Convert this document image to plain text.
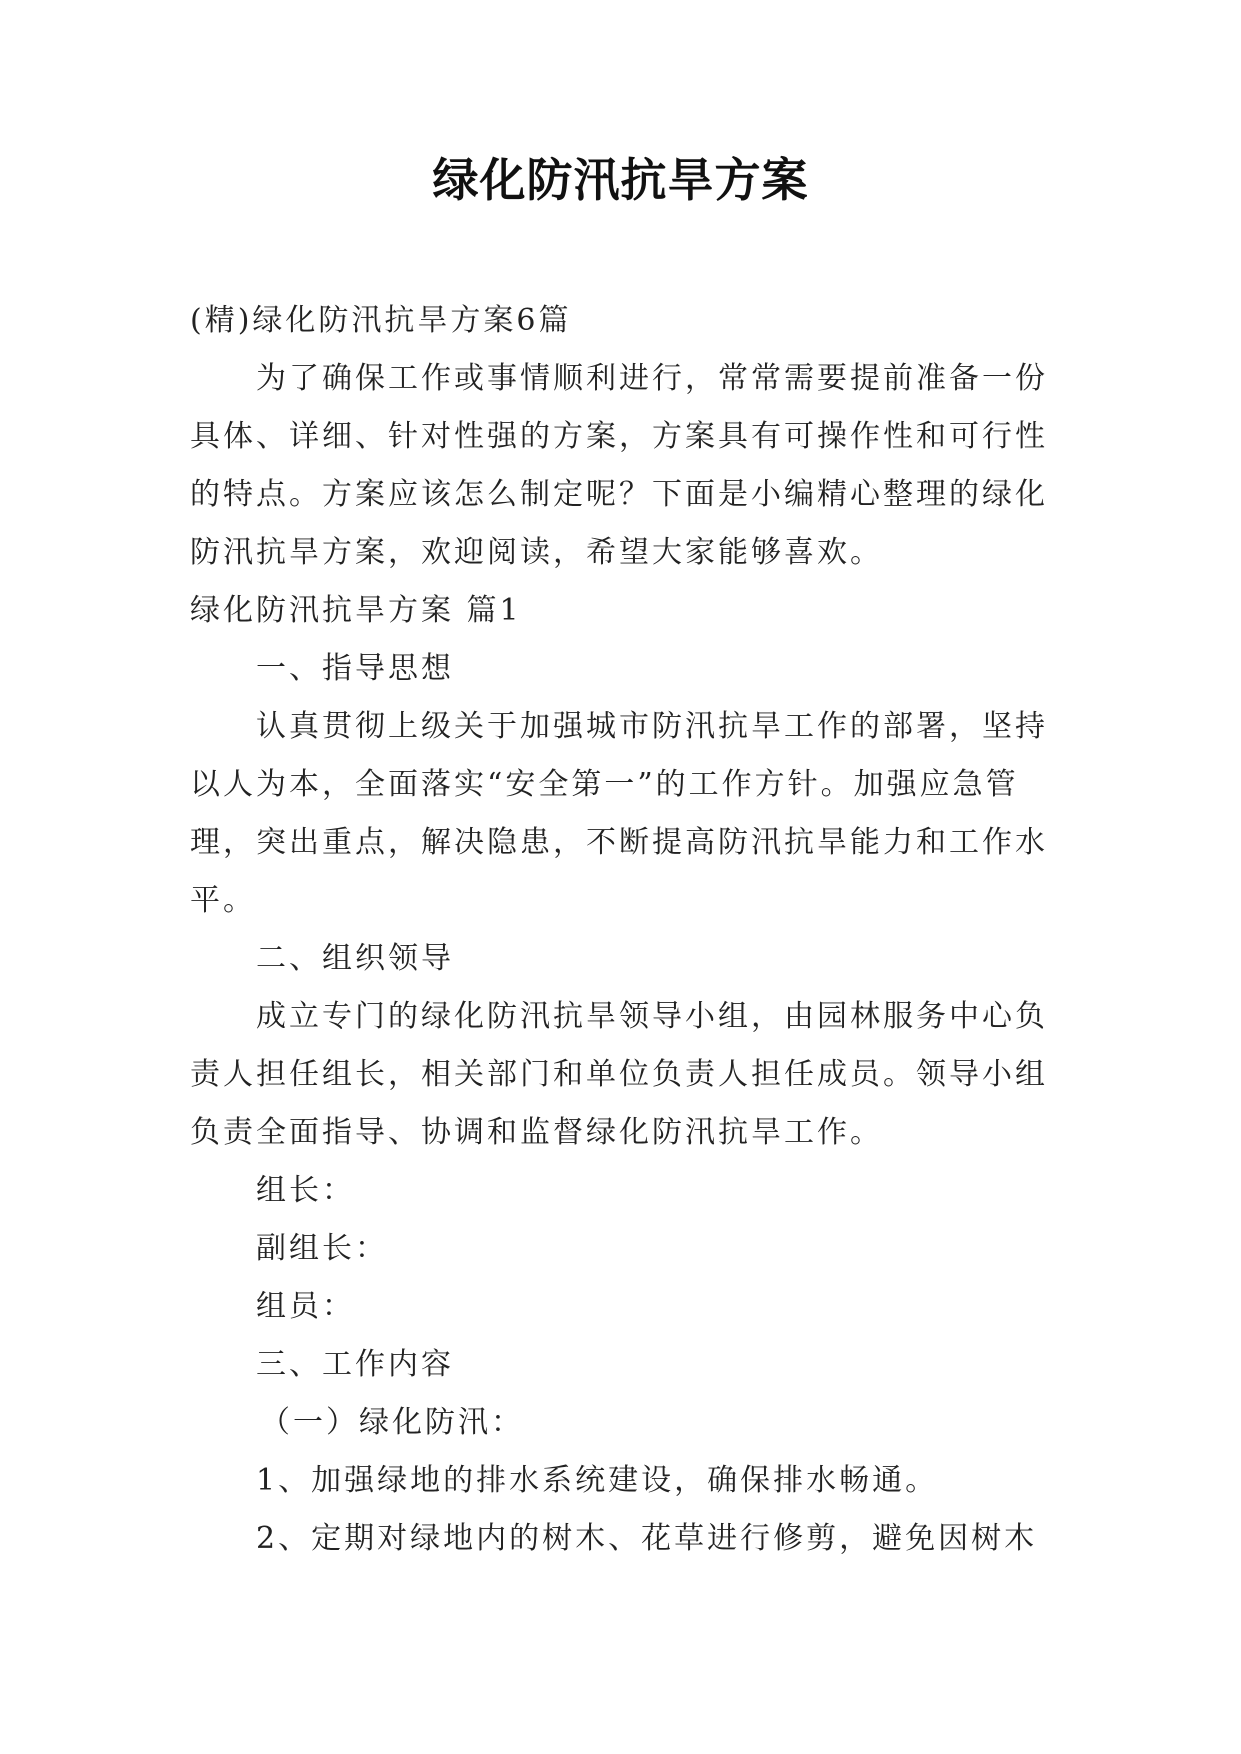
绿化防汛抗旱方案

(精)绿化防汛抗旱方案6篇

为了确保工作或事情顺利进行，常常需要提前准备一份具体、详细、针对性强的方案，方案具有可操作性和可行性的特点。方案应该怎么制定呢？下面是小编精心整理的绿化防汛抗旱方案，欢迎阅读，希望大家能够喜欢。

绿化防汛抗旱方案 篇1

一、指导思想

认真贯彻上级关于加强城市防汛抗旱工作的部署，坚持以人为本，全面落实“安全第一”的工作方针。加强应急管理，突出重点，解决隐患，不断提高防汛抗旱能力和工作水平。

二、组织领导

成立专门的绿化防汛抗旱领导小组，由园林服务中心负责人担任组长，相关部门和单位负责人担任成员。领导小组负责全面指导、协调和监督绿化防汛抗旱工作。

组长：

副组长：

组员：

三、工作内容

（一）绿化防汛：

1、加强绿地的排水系统建设，确保排水畅通。

2、定期对绿地内的树木、花草进行修剪，避免因树木
